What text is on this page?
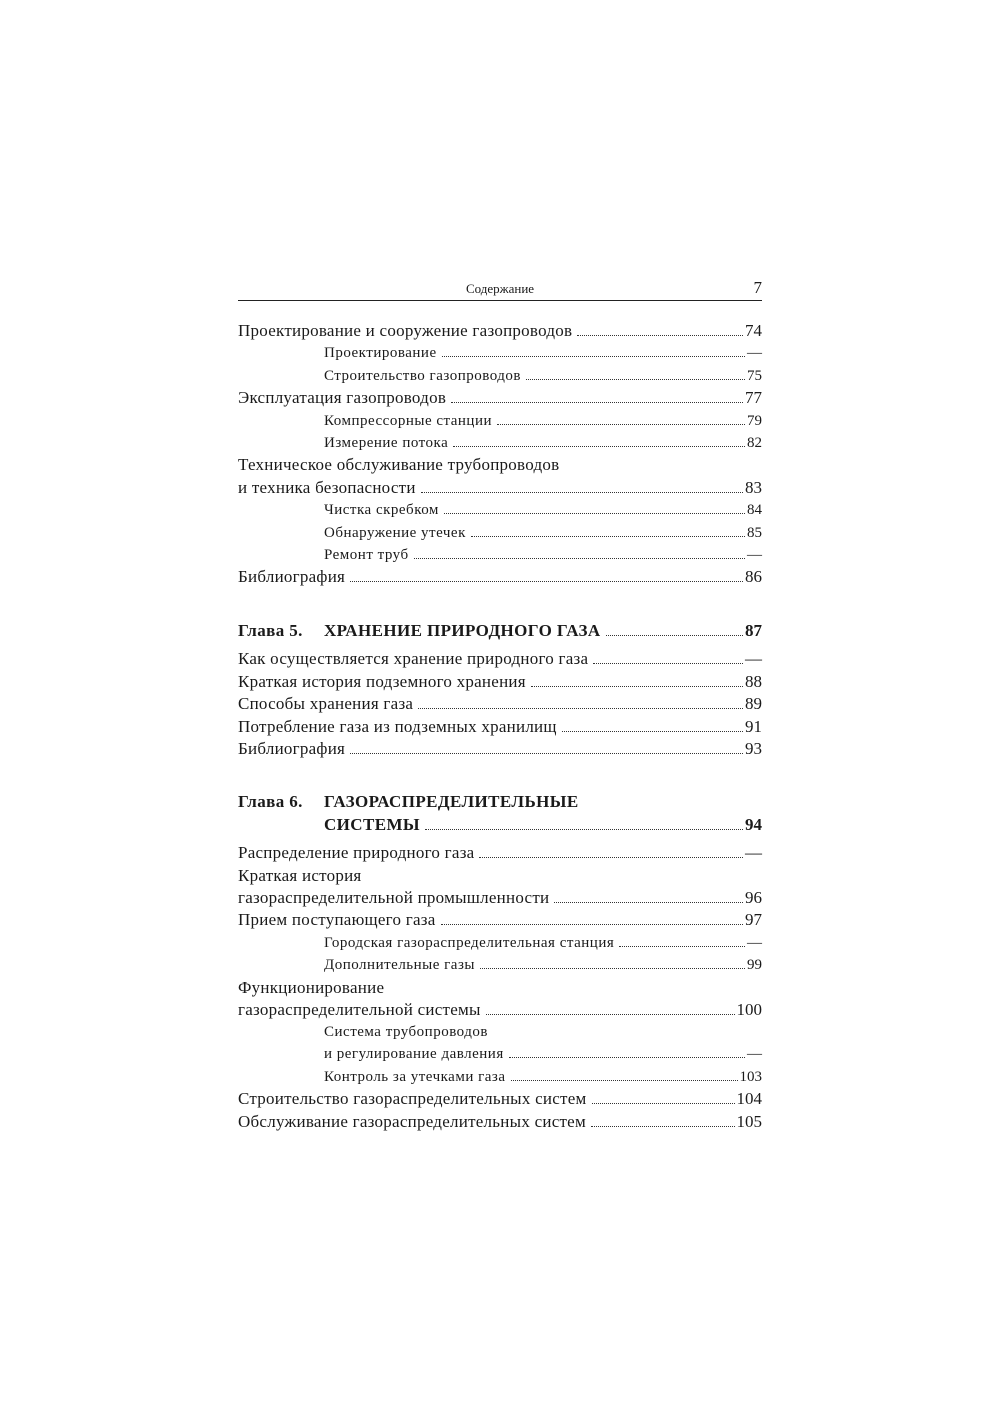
Содержание	7
Проектирование и сооружение газопроводов	74
Проектирование	—
Строительство газопроводов	75
Эксплуатация газопроводов	77
Компрессорные станции	79
Измерение потока	82
Техническое обслуживание трубопроводов
и техника безопасности	83
Чистка скребком	84
Обнаружение утечек	85
Ремонт труб	—
Библиография	86
Глава 5. ХРАНЕНИЕ ПРИРОДНОГО ГАЗА	87
Как осуществляется хранение природного газа	—
Краткая история подземного хранения	88
Способы хранения газа	89
Потребление газа из подземных хранилищ	91
Библиография	93
Глава 6. ГАЗОРАСПРЕДЕЛИТЕЛЬНЫЕ
СИСТЕМЫ	94
Распределение природного газа	—
Краткая история
газораспределительной промышленности	96
Прием поступающего газа	97
Городская газораспределительная станция	—
Дополнительные газы	99
Функционирование
газораспределительной системы	100
Система трубопроводов
и регулирование давления	—
Контроль за утечками газа	103
Строительство газораспределительных систем	104
Обслуживание газораспределительных систем	105
